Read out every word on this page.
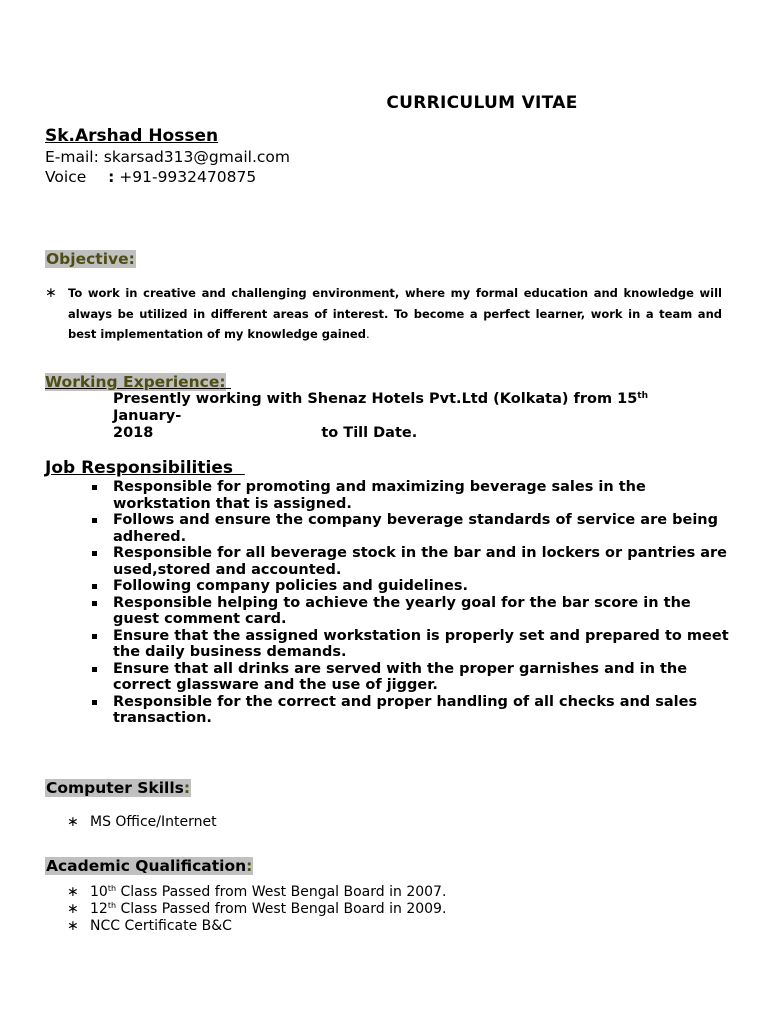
CURRICULUM VITAE
Sk.Arshad Hossen
E-mail: skarsad313@gmail.com
Voice : +91-9932470875
Objective:
∗ To work in creative and challenging environment, where my formal education and knowledge will always be utilized in different areas of interest. To become a perfect learner, work in a team and best implementation of my knowledge gained.
Working Experience:
Presently working with Shenaz Hotels Pvt.Ltd (Kolkata) from 15th January-
2018	to Till Date.
Job Responsibilities
Responsible for promoting and maximizing beverage sales in the workstation that is assigned.
Follows and ensure the company beverage standards of service are being adhered.
Responsible for all beverage stock in the bar and in lockers or pantries are used,stored and accounted.
Following company policies and guidelines.
Responsible helping to achieve the yearly goal for the bar score in the guest comment card.
Ensure that the assigned workstation is properly set and prepared to meet the daily business demands.
Ensure that all drinks are served with the proper garnishes and in the correct glassware and the use of jigger.
Responsible for the correct and proper handling of all checks and sales transaction.
Computer Skills:
∗ MS Office/Internet
Academic Qualification:
∗ 10th Class Passed from West Bengal Board in 2007.
∗ 12th Class Passed from West Bengal Board in 2009.
∗ NCC Certificate B&C
